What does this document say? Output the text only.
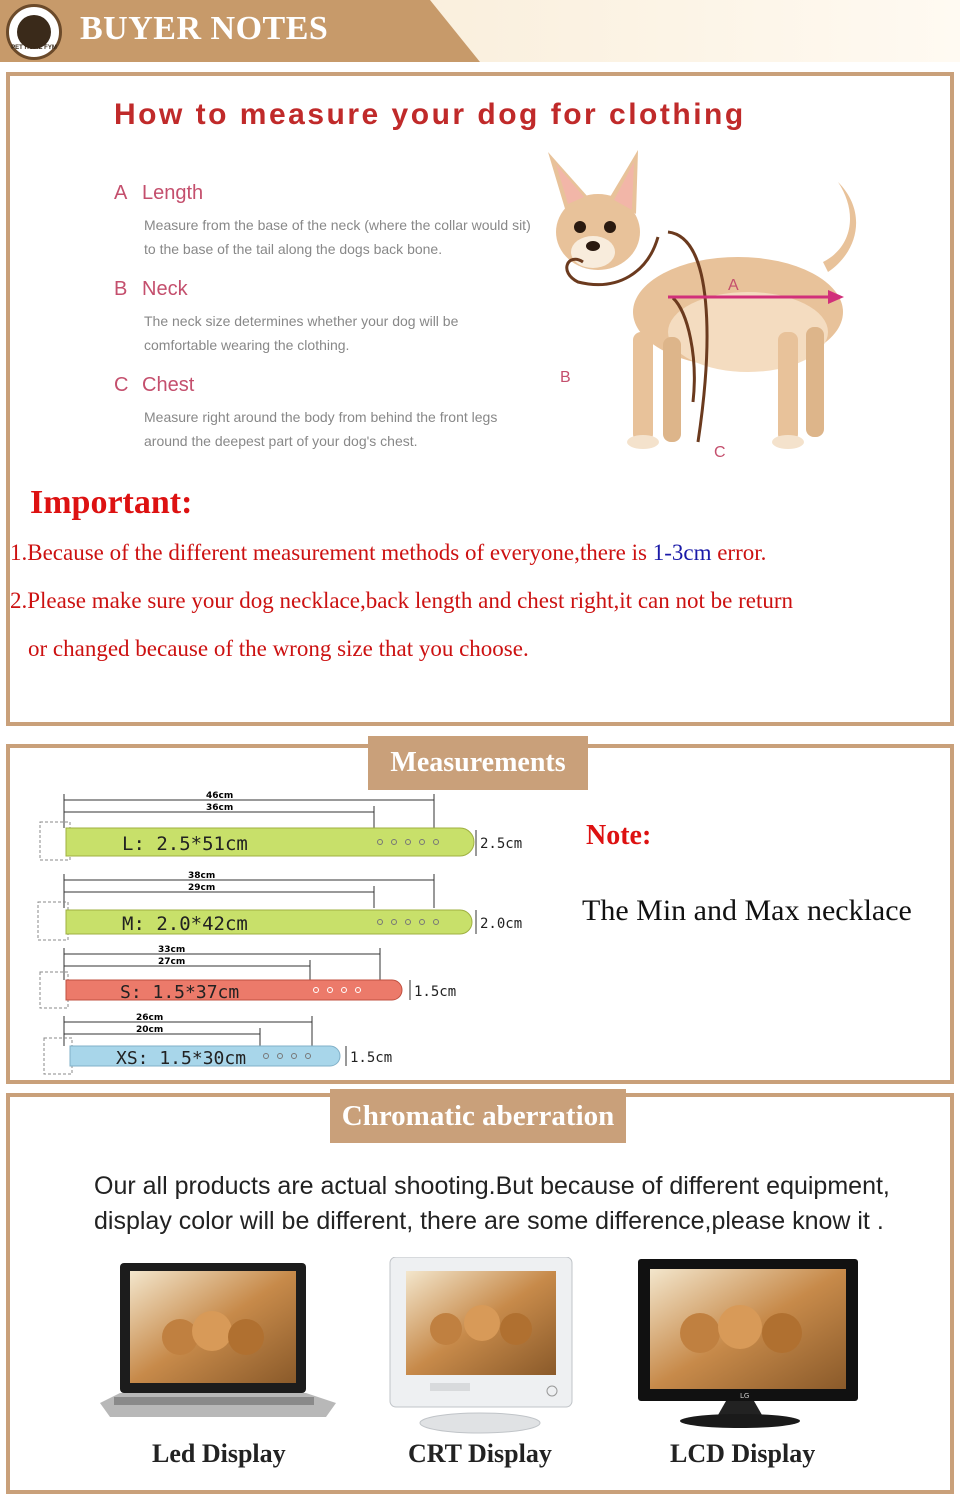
PET HOME FYM
BUYER NOTES
How to measure your dog for clothing
A Length
Measure from the base of the neck (where the collar would sit) to the base of the tail along the dogs back bone.
B Neck
The neck size determines whether your dog will be comfortable wearing the clothing.
C Chest
Measure right around the body from behind the front legs around the deepest part of your dog's chest.
A
B
C
Important:
1.Because of the different measurement methods of everyone,there is 1-3cm error.
2.Please make sure your dog necklace,back length and chest right,it can not be return
or changed because of the wrong size that you choose.
Measurements
46cm
36cm
L: 2.5*51cm	2.5cm
38cm
29cm
M: 2.0*42cm	2.0cm
33cm
27cm
S: 1.5*37cm	1.5cm
26cm
20cm
XS: 1.5*30cm	1.5cm
Note:
The Min and Max necklace
Chromatic aberration
Our all products are actual shooting.But because of different equipment, display color will be different, there are some difference,please know it .
LG
Led Display	CRT Display	LCD Display
